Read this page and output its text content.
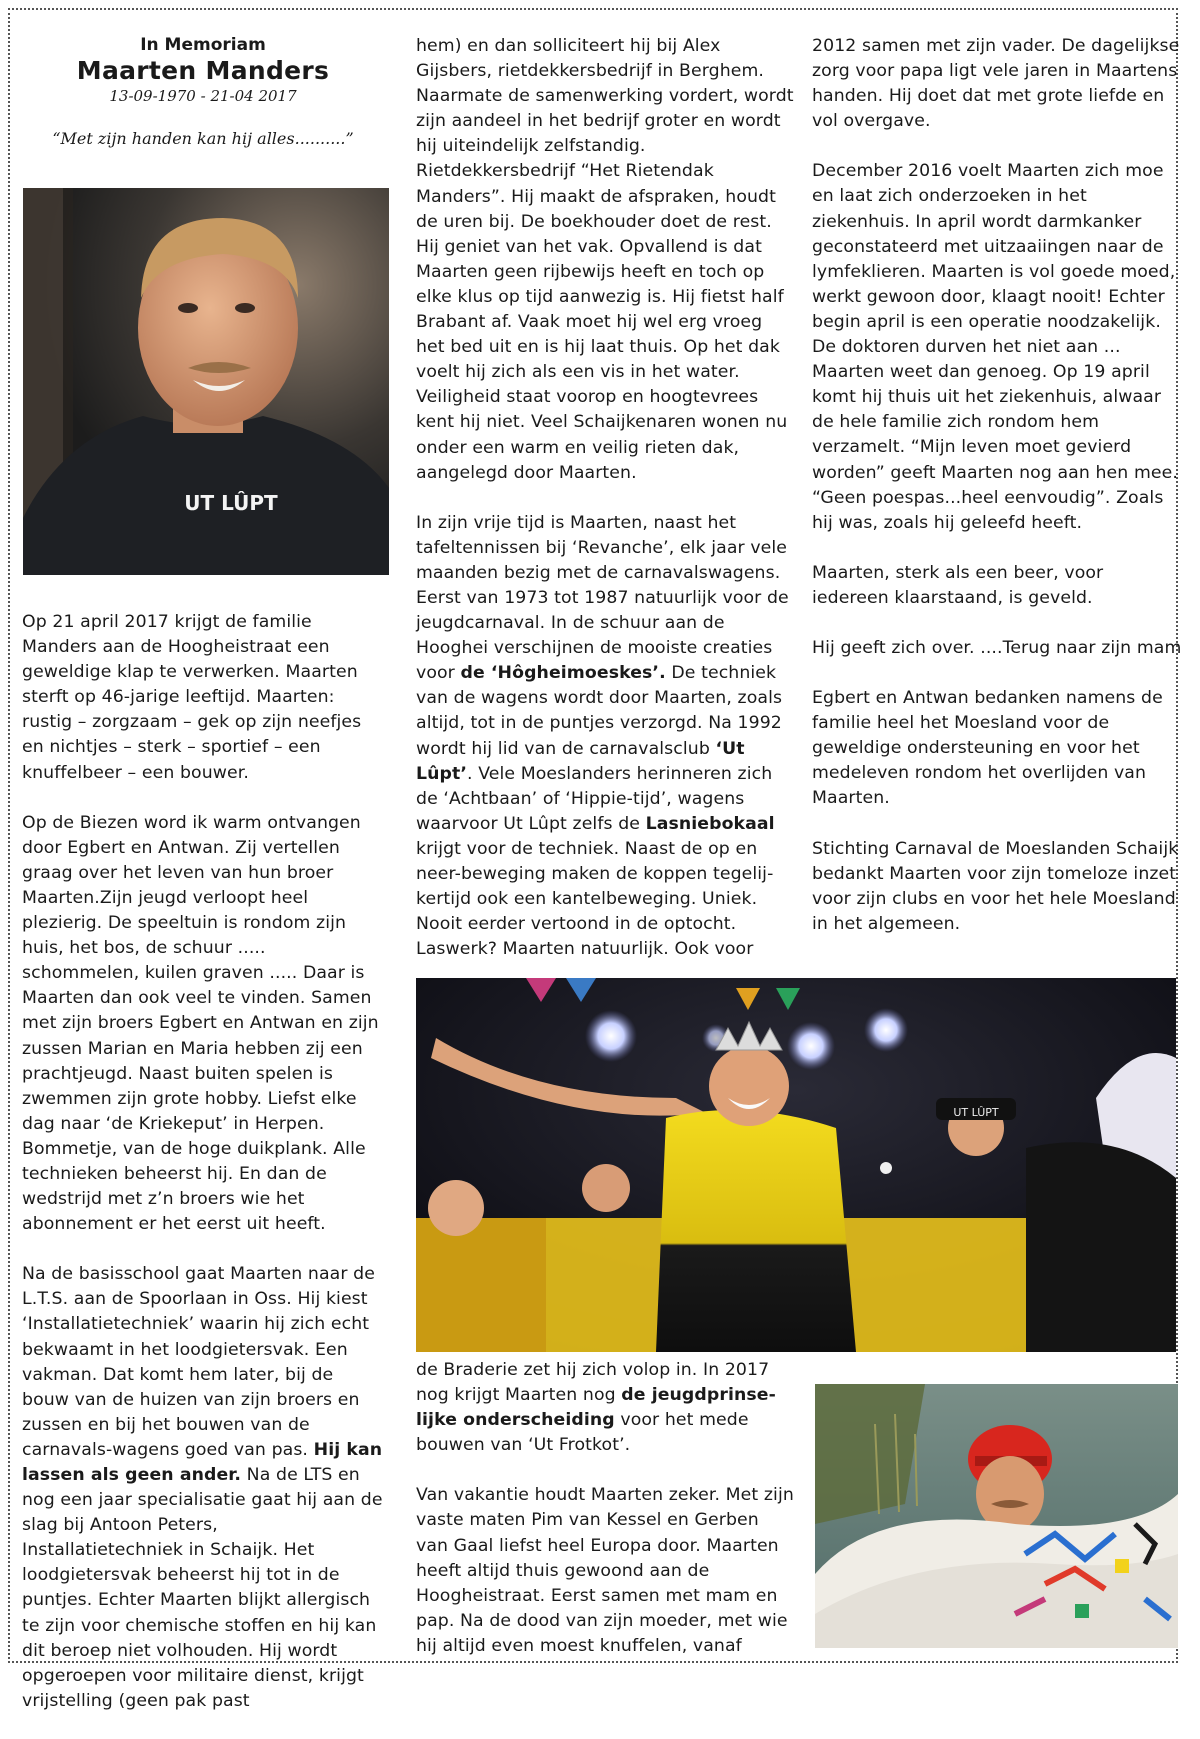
In Memoriam
Maarten Manders
13-09-1970 - 21-04 2017
“Met zijn handen kan hij alles..........”
UT LÛPT

Op 21 april 2017 krijgt de familie Manders aan de Hoogheistraat een geweldige klap te verwerken. Maarten sterft op 46-jarige leeftijd. Maarten: rustig – zorgzaam – gek op zijn neefjes en nichtjes – sterk – sportief – een knuffelbeer – een bouwer.

Op de Biezen word ik warm ontvangen door Egbert en Antwan. Zij vertellen graag over het leven van hun broer Maarten.Zijn jeugd verloopt heel plezierig. De speeltuin is rondom zijn huis, het bos, de schuur ..... schommelen, kuilen graven ..... Daar is Maarten dan ook veel te vinden. Samen met zijn broers Egbert en Antwan en zijn zussen Marian en Maria hebben zij een prachtjeugd. Naast buiten spelen is zwemmen zijn grote hobby. Liefst elke dag naar ‘de Kriekeput’ in Herpen. Bommetje, van de hoge duikplank. Alle technieken beheerst hij. En dan de wedstrijd met z’n broers wie het abonnement er het eerst uit heeft.

Na de basisschool gaat Maarten naar de L.T.S. aan de Spoorlaan in Oss. Hij kiest ‘Installatietechniek’ waarin hij zich echt bekwaamt in het loodgietersvak. Een vakman. Dat komt hem later, bij de bouw van de huizen van zijn broers en zussen en bij het bouwen van de carnavals-wagens goed van pas. Hij kan lassen als geen ander. Na de LTS en nog een jaar specialisatie gaat hij aan de slag bij Antoon Peters, Installatietechniek in Schaijk. Het loodgietersvak beheerst hij tot in de puntjes. Echter Maarten blijkt allergisch te zijn voor chemische stoffen en hij kan dit beroep niet volhouden. Hij wordt opgeroepen voor militaire dienst, krijgt vrijstelling (geen pak past

hem) en dan solliciteert hij bij Alex Gijsbers, rietdekkersbedrijf in Berghem. Naarmate de samenwerking vordert, wordt zijn aandeel in het bedrijf groter en wordt hij uiteindelijk zelfstandig. Rietdekkersbedrijf “Het Rietendak Manders”. Hij maakt de afspraken, houdt de uren bij. De boekhouder doet de rest. Hij geniet van het vak. Opvallend is dat Maarten geen rijbewijs heeft en toch op elke klus op tijd aanwezig is. Hij fietst half Brabant af. Vaak moet hij wel erg vroeg het bed uit en is hij laat thuis. Op het dak voelt hij zich als een vis in het water. Veiligheid staat voorop en hoogtevrees kent hij niet. Veel Schaijkenaren wonen nu onder een warm en veilig rieten dak, aangelegd door Maarten.

In zijn vrije tijd is Maarten, naast het tafeltennissen bij ‘Revanche’, elk jaar vele maanden bezig met de carnavalswagens. Eerst van 1973 tot 1987 natuurlijk voor de jeugdcarnaval. In de schuur aan de Hooghei verschijnen de mooiste creaties voor de ‘Hôgheimoeskes’. De techniek van de wagens wordt door Maarten, zoals altijd, tot in de puntjes verzorgd. Na 1992 wordt hij lid van de carnavalsclub ‘Ut Lûpt’. Vele Moeslanders herinneren zich de ‘Achtbaan’ of ‘Hippie-tijd’, wagens waarvoor Ut Lûpt zelfs de Lasniebokaal krijgt voor de techniek. Naast de op en neer-beweging maken de koppen tegelij-kertijd ook een kantelbeweging. Uniek. Nooit eerder vertoond in de optocht. Laswerk? Maarten natuurlijk. Ook voor

UT LÛPT

de Braderie zet hij zich volop in. In 2017 nog krijgt Maarten nog de jeugdprinse-lijke onderscheiding voor het mede bouwen van ‘Ut Frotkot’.

Van vakantie houdt Maarten zeker. Met zijn vaste maten Pim van Kessel en Gerben van Gaal liefst heel Europa door. Maarten heeft altijd thuis gewoond aan de Hoogheistraat. Eerst samen met mam en pap. Na de dood van zijn moeder, met wie hij altijd even moest knuffelen, vanaf

2012 samen met zijn vader. De dagelijkse zorg voor papa ligt vele jaren in Maartens handen. Hij doet dat met grote liefde en vol overgave.

December 2016 voelt Maarten zich moe en laat zich onderzoeken in het ziekenhuis. In april wordt darmkanker geconstateerd met uitzaaiingen naar de lymfeklieren. Maarten is vol goede moed, werkt gewoon door, klaagt nooit! Echter begin april is een operatie noodzakelijk. De doktoren durven het niet aan ... Maarten weet dan genoeg. Op 19 april komt hij thuis uit het ziekenhuis, alwaar de hele familie zich rondom hem verzamelt. “Mijn leven moet gevierd worden” geeft Maarten nog aan hen mee. “Geen poespas...heel eenvoudig”. Zoals hij was, zoals hij geleefd heeft.

Maarten, sterk als een beer, voor iedereen klaarstaand, is geveld.

Hij geeft zich over. ....Terug naar zijn mam

Egbert en Antwan bedanken namens de familie heel het Moesland voor de geweldige ondersteuning en voor het medeleven rondom het overlijden van Maarten.

Stichting Carnaval de Moeslanden Schaijk bedankt Maarten voor zijn tomeloze inzet voor zijn clubs en voor het hele Moesland in het algemeen.
